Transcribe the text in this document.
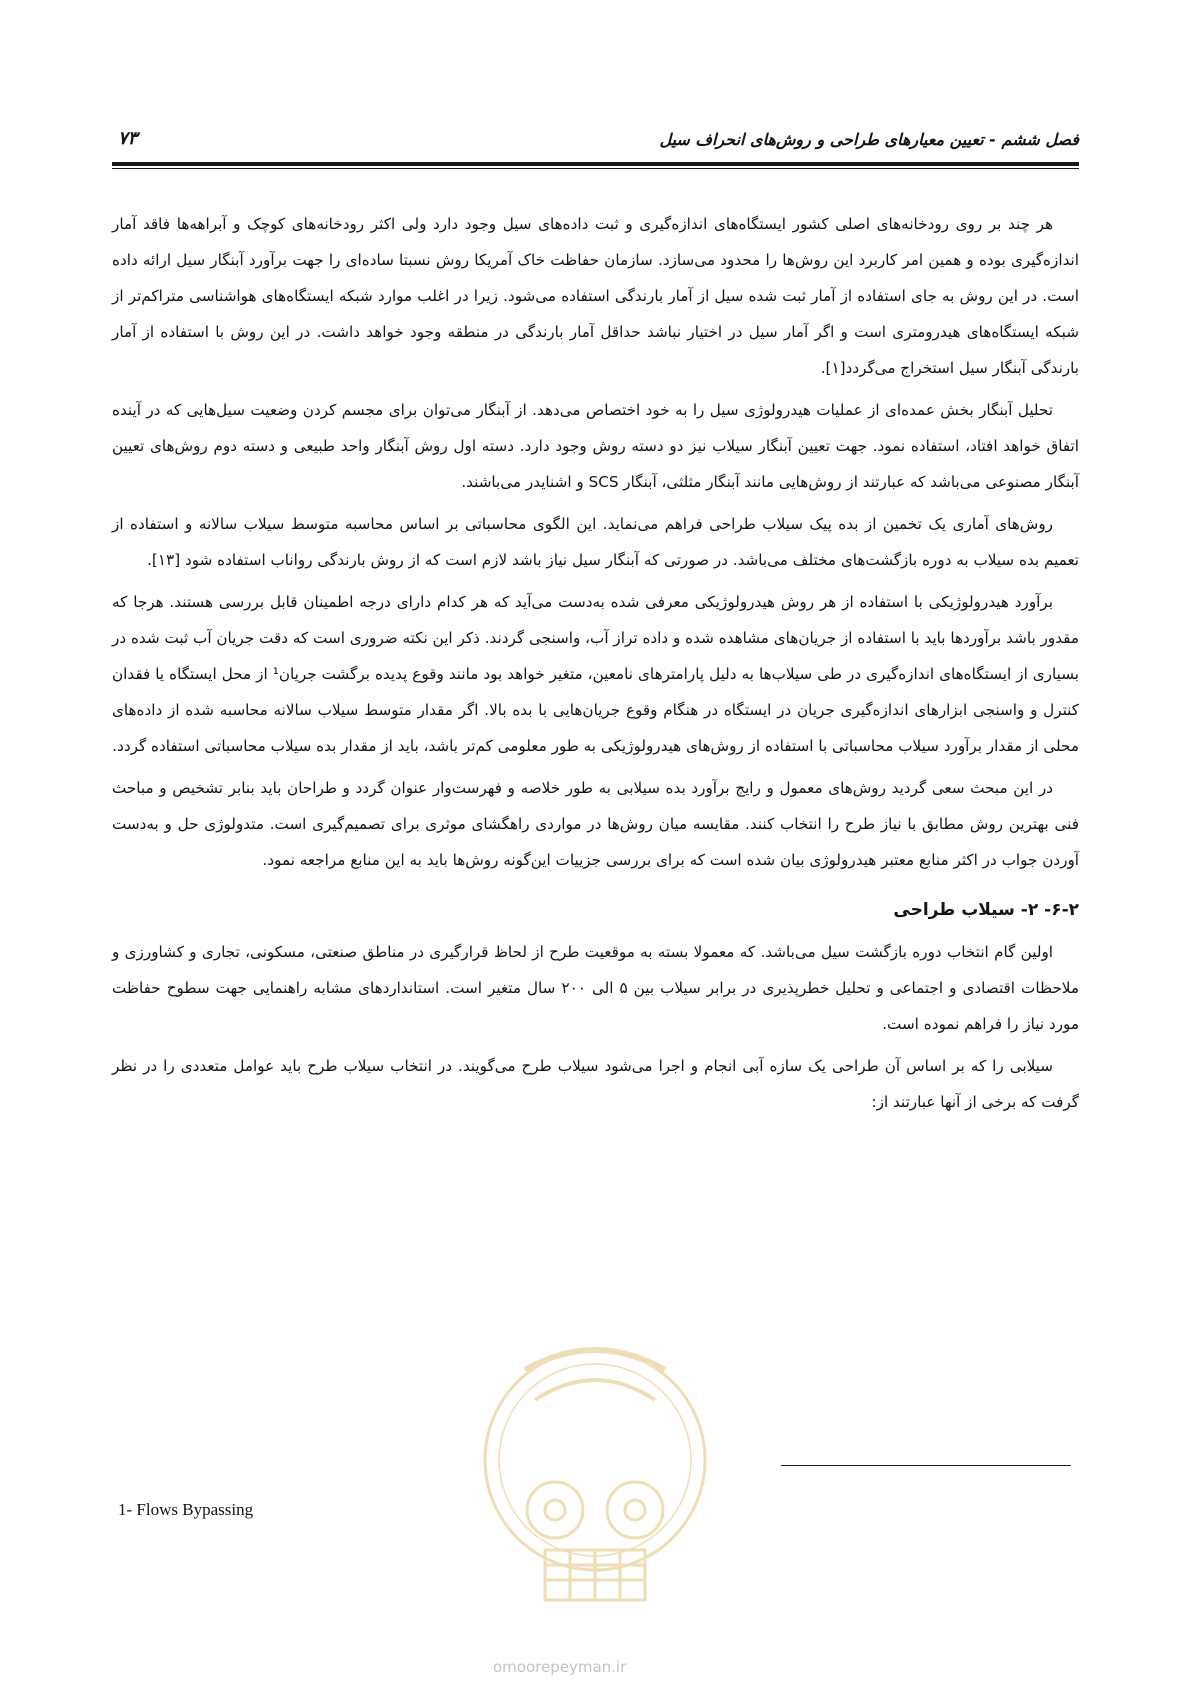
فصل ششم - تعیین معیارهای طراحی و روش‌های انحراف سیل
۷۳

هر چند بر روی رودخانه‌های اصلی کشور ایستگاه‌های اندازه‌گیری و ثبت داده‌های سیل وجود دارد ولی اکثر رودخانه‌های کوچک و آبراهه‌ها فاقد آمار اندازه‌گیری بوده و همین امر کاربرد این روش‌ها را محدود می‌سازد. سازمان حفاظت خاک آمریکا روش نسبتا ساده‌ای را جهت برآورد آبنگار سیل ارائه داده است. در این روش به جای استفاده از آمار ثبت شده سیل از آمار بارندگی استفاده می‌شود. زیرا در اغلب موارد شبکه ایستگاه‌های هواشناسی متراکم‌تر از شبکه ایستگاه‌های هیدرومتری است و اگر آمار سیل در اختیار نباشد حداقل آمار بارندگی در منطقه وجود خواهد داشت. در این روش با استفاده از آمار بارندگی آبنگار سیل استخراج می‌گردد[۱].

تحلیل آبنگار بخش عمده‌ای از عملیات هیدرولوژی سیل را به خود اختصاص می‌دهد. از آبنگار می‌توان برای مجسم کردن وضعیت سیل‌هایی که در آینده اتفاق خواهد افتاد، استفاده نمود. جهت تعیین آبنگار سیلاب نیز دو دسته روش وجود دارد. دسته اول روش آبنگار واحد طبیعی و دسته دوم روش‌های تعیین آبنگار مصنوعی می‌باشد که عبارتند از روش‌هایی مانند آبنگار مثلثی، آبنگار SCS و اشنایدر می‌باشند.

روش‌های آماری یک تخمین از بده پیک سیلاب طراحی فراهم می‌نماید. این الگوی محاسباتی بر اساس محاسبه متوسط سیلاب سالانه و استفاده از تعمیم بده سیلاب به دوره بازگشت‌های مختلف می‌باشد. در صورتی که آبنگار سیل نیاز باشد لازم است که از روش بارندگی رواناب استفاده شود [۱۳].

برآورد هیدرولوژیکی با استفاده از هر روش هیدرولوژیکی معرفی شده به‌دست می‌آید که هر کدام دارای درجه اطمینان قابل بررسی هستند. هرجا که مقدور باشد برآوردها باید با استفاده از جریان‌های مشاهده شده و داده تراز آب، واسنجی گردند. ذکر این نکته ضروری است که دقت جریان آب ثبت شده در بسیاری از ایستگاه‌های اندازه‌گیری در طی سیلاب‌ها به دلیل پارامترهای نامعین، متغیر خواهد بود مانند وقوع پدیده برگشت جریان¹ از محل ایستگاه یا فقدان کنترل و واسنجی ابزارهای اندازه‌گیری جریان در ایستگاه در هنگام وقوع جریان‌هایی با بده بالا. اگر مقدار متوسط سیلاب سالانه محاسبه شده از داده‌های محلی از مقدار برآورد سیلاب محاسباتی با استفاده از روش‌های هیدرولوژیکی به طور معلومی کم‌تر باشد، باید از مقدار بده سیلاب محاسباتی استفاده گردد.

در این مبحث سعی گردید روش‌های معمول و رایج برآورد بده سیلابی به طور خلاصه و فهرست‌وار عنوان گردد و طراحان باید بنابر تشخیص و مباحث فنی بهترین روش مطابق با نیاز طرح را انتخاب کنند. مقایسه میان روش‌ها در مواردی راهگشای موثری برای تصمیم‌گیری است. متدولوژی حل و به‌دست آوردن جواب در اکثر منابع معتبر هیدرولوژی بیان شده است که برای بررسی جزییات این‌گونه روش‌ها باید به این منابع مراجعه نمود.

۶-۲- ۲- سیلاب طراحی

اولین گام انتخاب دوره بازگشت سیل می‌باشد. که معمولا بسته به موقعیت طرح از لحاظ قرارگیری در مناطق صنعتی، مسکونی، تجاری و کشاورزی و ملاحظات اقتصادی و اجتماعی و تحلیل خطرپذیری در برابر سیلاب بین ۵ الی ۲۰۰ سال متغیر است. استانداردهای مشابه راهنمایی جهت سطوح حفاظت مورد نیاز را فراهم نموده است.

سیلابی را که بر اساس آن طراحی یک سازه آبی انجام و اجرا می‌شود سیلاب طرح می‌گویند. در انتخاب سیلاب طرح باید عوامل متعددی را در نظر گرفت که برخی از آنها عبارتند از:

1- Flows Bypassing
omoorepeyman.ir
